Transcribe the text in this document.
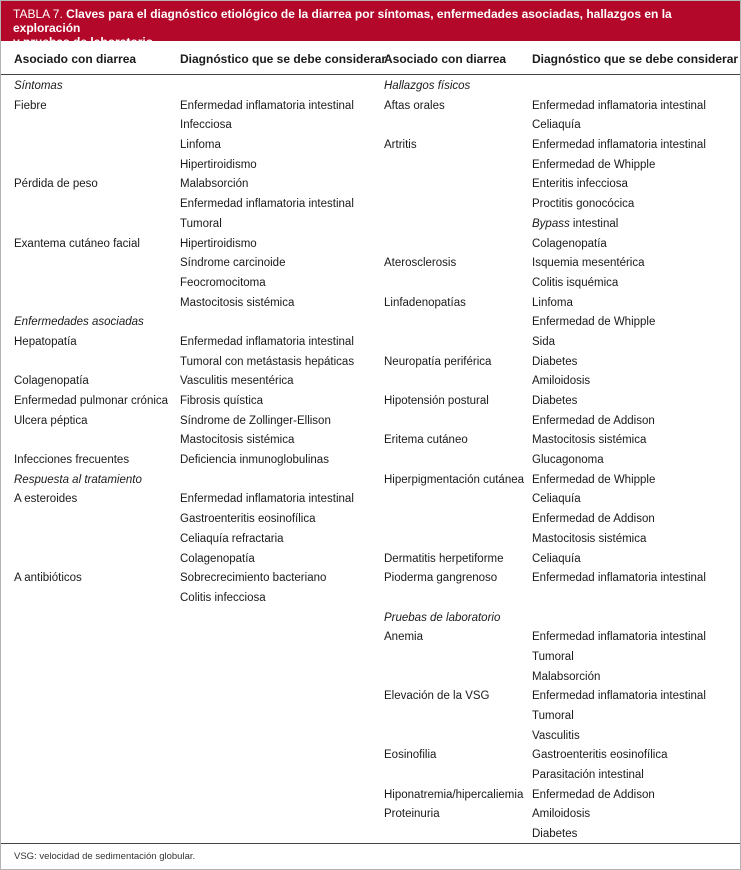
TABLA 7. Claves para el diagnóstico etiológico de la diarrea por síntomas, enfermedades asociadas, hallazgos en la exploración
y pruebas de laboratorio
Asociado con diarrea	Diagnóstico que se debe considerar
Asociado con diarrea Diagnóstico que se debe considerar
Síntomas
Fiebre
Pérdida de peso
Exantema cutáneo facial
Enfermedades asociadas
Hepatopatía
Colagenopatía
Enfermedad pulmonar crónica
Ulcera péptica
Infecciones frecuentes
Respuesta al tratamiento
A esteroides
A antibióticos
Enfermedad inflamatoria intestinal
Infecciosa
Linfoma
Hipertiroidismo
Malabsorción
Enfermedad inflamatoria intestinal
Tumoral
Hipertiroidismo
Síndrome carcinoide
Feocromocitoma
Mastocitosis sistémica
Enfermedad inflamatoria intestinal
Tumoral con metástasis hepáticas
Vasculitis mesentérica
Fibrosis quística
Síndrome de Zollinger-Ellison
Mastocitosis sistémica
Deficiencia inmunoglobulinas
Enfermedad inflamatoria intestinal
Gastroenteritis eosinofílica
Celiaquía refractaria
Colagenopatía
Sobrecrecimiento bacteriano
Colitis infecciosa
Hallazgos físicos
Aftas orales
Artritis
Aterosclerosis
Linfadenopatías
Neuropatía periférica
Hipotensión postural
Eritema cutáneo
Hiperpigmentación cutánea
Dermatitis herpetiforme
Pioderma gangrenoso
Pruebas de laboratorio
Anemia
Elevación de la VSG
Eosinofilia
Hiponatremia/hipercaliemia
Proteinuria
Enfermedad inflamatoria intestinal
Celiaquía
Enfermedad inflamatoria intestinal
Enfermedad de Whipple
Enteritis infecciosa
Proctitis gonocócica
Bypass intestinal
Colagenopatía
Isquemia mesentérica
Colitis isquémica
Linfoma
Enfermedad de Whipple
Sida
Diabetes
Amiloidosis
Diabetes
Enfermedad de Addison
Mastocitosis sistémica
Glucagonoma
Enfermedad de Whipple
Celiaquía
Enfermedad de Addison
Mastocitosis sistémica
Celiaquía
Enfermedad inflamatoria intestinal
Enfermedad inflamatoria intestinal
Tumoral
Malabsorción
Enfermedad inflamatoria intestinal
Tumoral
Vasculitis
Gastroenteritis eosinofílica
Parasitación intestinal
Enfermedad de Addison
Amiloidosis
Diabetes
VSG: velocidad de sedimentación globular.
